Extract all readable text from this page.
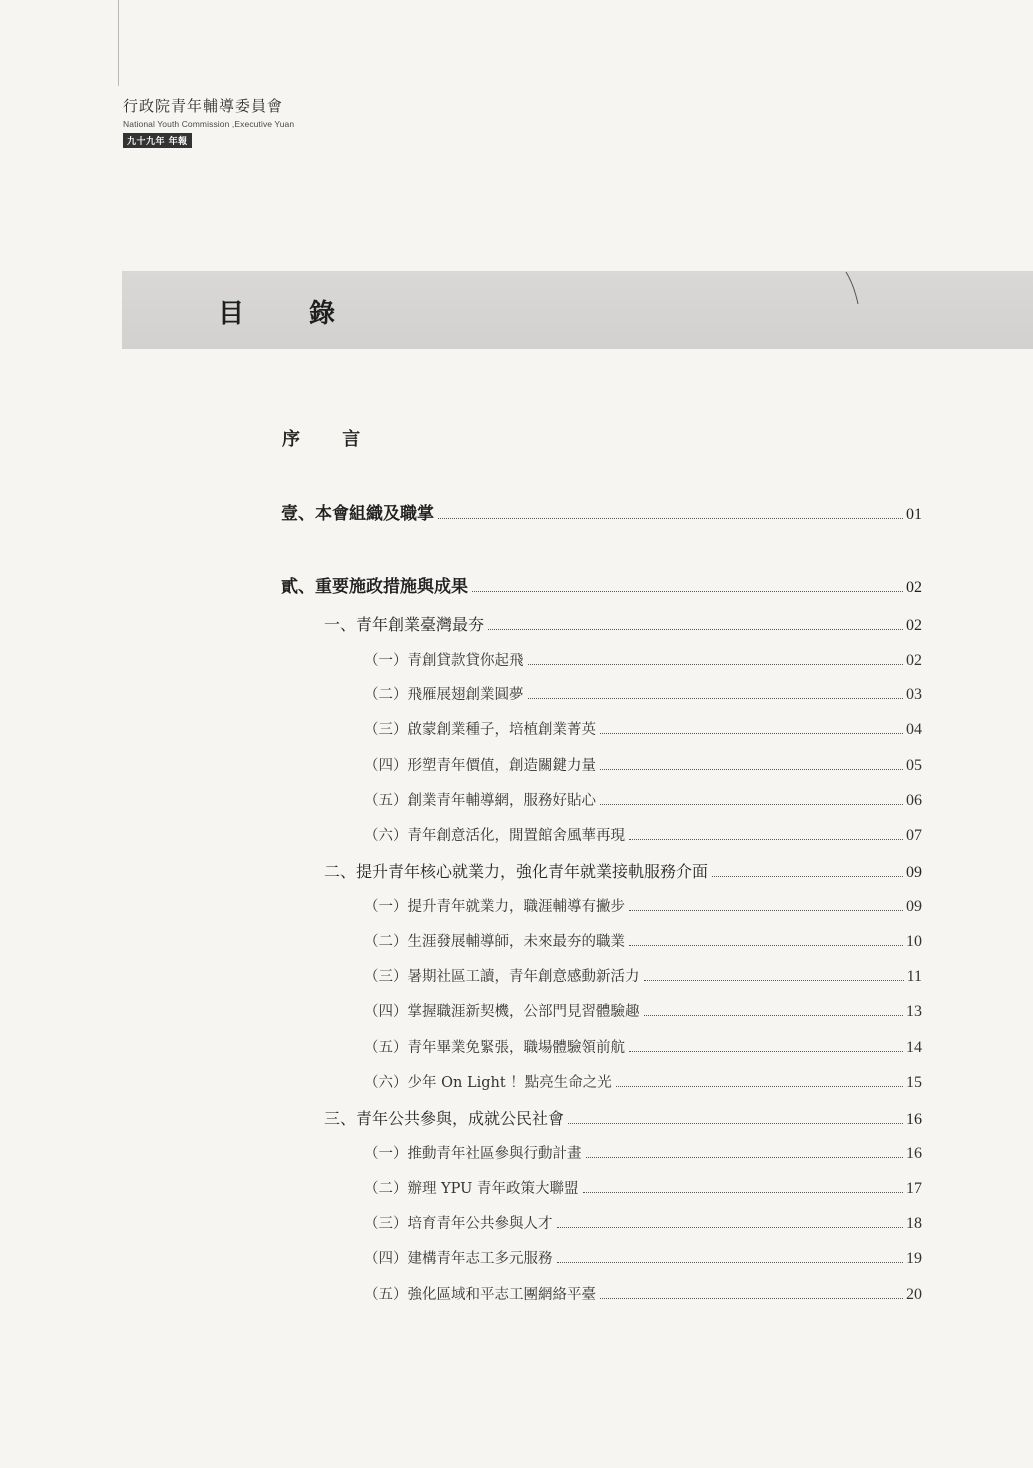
行政院青年輔導委員會
National Youth Commission ,Executive Yuan
九十九年 年報
目 錄
序 言
壹、本會組織及職掌	01
貳、重要施政措施與成果	02
一、青年創業臺灣最夯	02
（一）青創貸款貸你起飛	02
（二）飛雁展翅創業圓夢	03
（三）啟蒙創業種子，培植創業菁英	04
（四）形塑青年價值，創造關鍵力量	05
（五）創業青年輔導網，服務好貼心	06
（六）青年創意活化，閒置館舍風華再現	07
二、提升青年核心就業力，強化青年就業接軌服務介面	09
（一）提升青年就業力，職涯輔導有撇步	09
（二）生涯發展輔導師，未來最夯的職業	10
（三）暑期社區工讀，青年創意感動新活力	11
（四）掌握職涯新契機，公部門見習體驗趣	13
（五）青年畢業免緊張，職場體驗領前航	14
（六）少年 On Light ！點亮生命之光	15
三、青年公共參與，成就公民社會	16
（一）推動青年社區參與行動計畫	16
（二）辦理 YPU 青年政策大聯盟	17
（三）培育青年公共參與人才	18
（四）建構青年志工多元服務	19
（五）強化區域和平志工團網絡平臺	20
